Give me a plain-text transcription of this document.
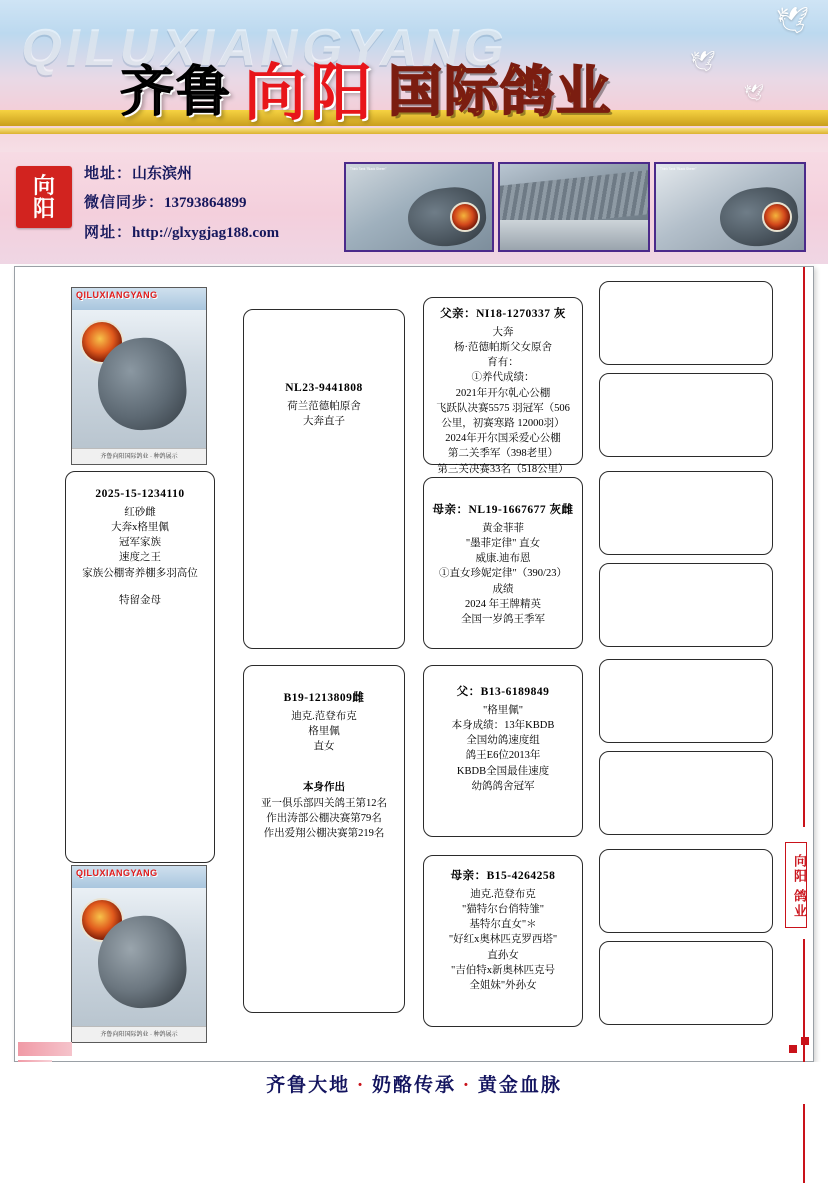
QILUXIANGYANG	🕊
🕊
🕊
齐鲁 向阳 国际鸽业
向
阳
地址：山东滨州
微信同步：13793864899
网址：http://glxygjag188.com
Think Tank "Black Sheen"	Think Tank "Black Sheen"
QILUXIANGYANG
齐鲁向阳国际鸽业 · 种鸽展示
QILUXIANGYANG
齐鲁向阳国际鸽业 · 种鸽展示

2025-15-1234110

红砂雌

大奔x格里佩

冠军家族

速度之王

家族公棚寄养棚多羽高位

特留金母

NL23-9441808

荷兰范德帕原舍

大奔直子

B19-1213809雌

迪克.范登布克

格里佩

直女

本身作出

亚一俱乐部四关鸽王第12名

作出涛部公棚决赛第79名

作出爱翔公棚决赛第219名

父亲：NI18-1270337 灰

大奔

杨·范德帕斯父女原舍

育有：

①养代成绩：

2021年开尔乹心公棚

飞跃队决赛5575 羽冠军（506

公里，初赛寒路 12000羽）

2024年开尔国采爱心公棚

第二关季军（398老里）

第三关决赛33名（518公里）

母亲：NL19-1667677 灰雌

黄金菲菲

"墨菲定律" 直女

威康.迪布恩

①直女珍妮定律"（390/23）

成绩

2024 年王牌精英

全国一岁鸽王季军

父：B13-6189849

"格里佩"

本身成绩：13年KBDB

全国幼鸽速度组

鸽王E6位2013年

KBDB全国最佳速度

幼鸽鸽舍冠军

母亲：B15-4264258

迪克.范登布克

"猫特尔台俏特雏"

基特尔直女"＊

"好红x奥林匹克罗西塔"

直孙女

"吉伯特x新奥林匹克号

全姐妹"外孙女

向阳 鸽业
齐鲁大地 · 奶酪传承 · 黄金血脉
